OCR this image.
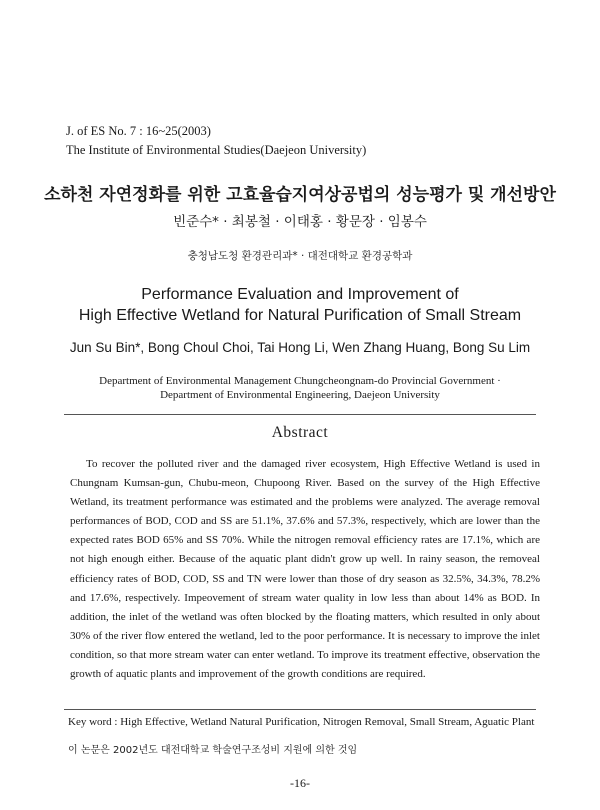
J. of ES No. 7 : 16~25(2003)
The Institute of Environmental Studies(Daejeon University)
소하천 자연정화를 위한 고효율습지여상공법의 성능평가 및 개선방안
빈준수* · 최봉철 · 이태홍 · 황문장 · 임봉수
충청남도청 환경관리과* · 대전대학교 환경공학과
Performance Evaluation and Improvement of
High Effective Wetland for Natural Purification of Small Stream
Jun Su Bin*, Bong Choul Choi, Tai Hong Li, Wen Zhang Huang, Bong Su Lim
Department of Environmental Management Chungcheongnam-do Provincial Government ·
Department of Environmental Engineering, Daejeon University
Abstract

To recover the polluted river and the damaged river ecosystem, High Effective Wetland is used in Chungnam Kumsan-gun, Chubu-meon, Chupoong River. Based on the survey of the High Effective Wetland, its treatment performance was estimated and the problems were analyzed. The average removal performances of BOD, COD and SS are 51.1%, 37.6% and 57.3%, respectively, which are lower than the expected rates BOD 65% and SS 70%. While the nitrogen removal efficiency rates are 17.1%, which are not high enough either. Because of the aquatic plant didn't grow up well. In rainy season, the removeal efficiency rates of BOD, COD, SS and TN were lower than those of dry season as 32.5%, 34.3%, 78.2% and 17.6%, respectively. Impeovement of stream water quality in low less than about 14% as BOD. In addition, the inlet of the wetland was often blocked by the floating matters, which resulted in only about 30% of the river flow entered the wetland, led to the poor performance. It is necessary to improve the inlet condition, so that more stream water can enter wetland. To improve its treatment effective, observation the growth of aquatic plants and improvement of the growth conditions are required.

Key word : High Effective, Wetland Natural Purification, Nitrogen Removal, Small Stream, Aguatic Plant
이 논문은 2002년도 대전대학교 학술연구조성비 지원에 의한 것임
-16-
